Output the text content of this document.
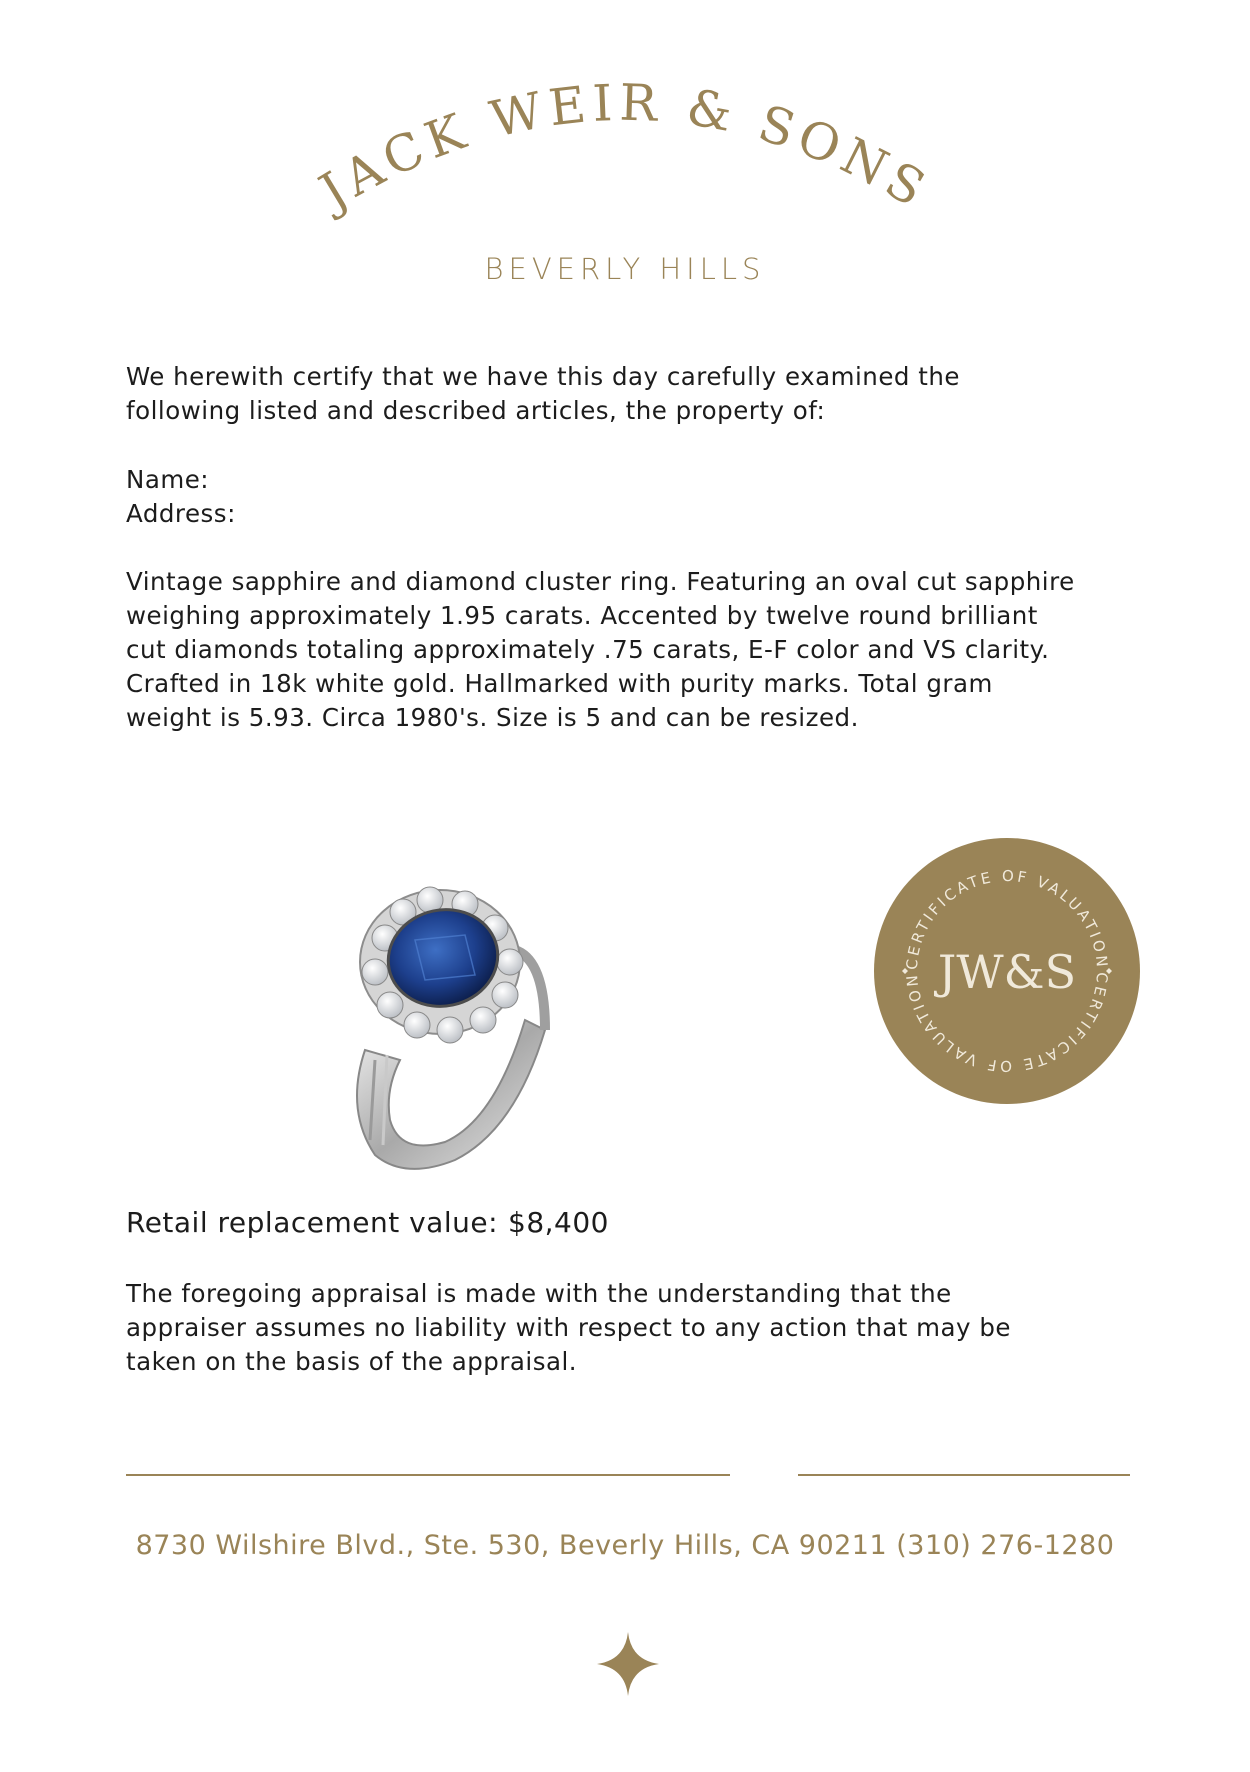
JACK WEIR & SONS
BEVERLY HILLS
We herewith certify that we have this day carefully examined the
following listed and described articles, the property of:
Name:
Address:
Vintage sapphire and diamond cluster ring. Featuring an oval cut sapphire
weighing approximately 1.95 carats. Accented by twelve round brilliant
cut diamonds totaling approximately .75 carats, E-F color and VS clarity.
Crafted in 18k white gold. Hallmarked with purity marks. Total gram
weight is 5.93. Circa 1980's. Size is 5 and can be resized.
CERTIFICATE OF VALUATION
CERTIFICATE OF VALUATION JW&S
Retail replacement value: $8,400
The foregoing appraisal is made with the understanding that the
appraiser assumes no liability with respect to any action that may be
taken on the basis of the appraisal.
8730 Wilshire Blvd., Ste. 530, Beverly Hills, CA 90211 (310) 276-1280
